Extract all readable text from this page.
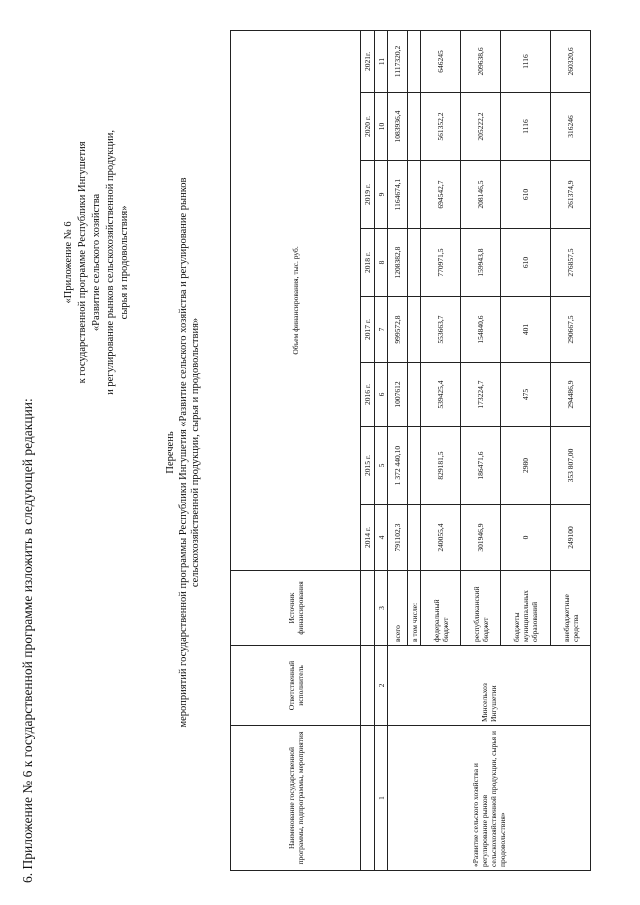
6. Приложение № 6 к государственной программе изложить в следующей редакции:
«Приложение № 6 к государственной программе Республики Ингушетия «Развитие сельского хозяйства и регулирование рынков сельскохозяйственной продукции, сырья и продовольствия»
Перечень мероприятий государственной программы Республики Ингушетия «Развитие сельского хозяйства и регулирование рынков сельскохозяйственной продукции, сырья и продовольствия»
Наименование государственной программы, подпрограммы, мероприятия	Ответственный исполнитель	Источник финансирования	Объем финансирования, тыс. руб.							
			2014 г.	2015 г.	2016 г.	2017 г.	2018 г.	2019 г.	2020 г.	2021г.
1	2	3	4	5	6	7	8	9	10	11
«Развитие сельского хозяйства и регулирование рынков сельскохозяйственной продукции, сырья и продовольствия»	Минсельхоз Ингушетии	всего	791102,3	1 372 440,10	1007612	999572,8	1208382,8	1164674,1	1083936,4	1117320,2
		в том числе:								
		федеральный бюджет	240055,4	829181,5	539425,4	553663,7	770971,5	694542,7	561352,2	646245
		республиканский бюджет	301946,9	186471,6	173224,7	154840,6	159943,8	208146,5	205222,2	209638,6
		бюджеты муниципальных образований	0	2980	475	401	610	610	1116	1116
		внебюджетные средства	249100	353 807,00	294486,9	290667,5	276857,5	261374,9	316246	260320,6
